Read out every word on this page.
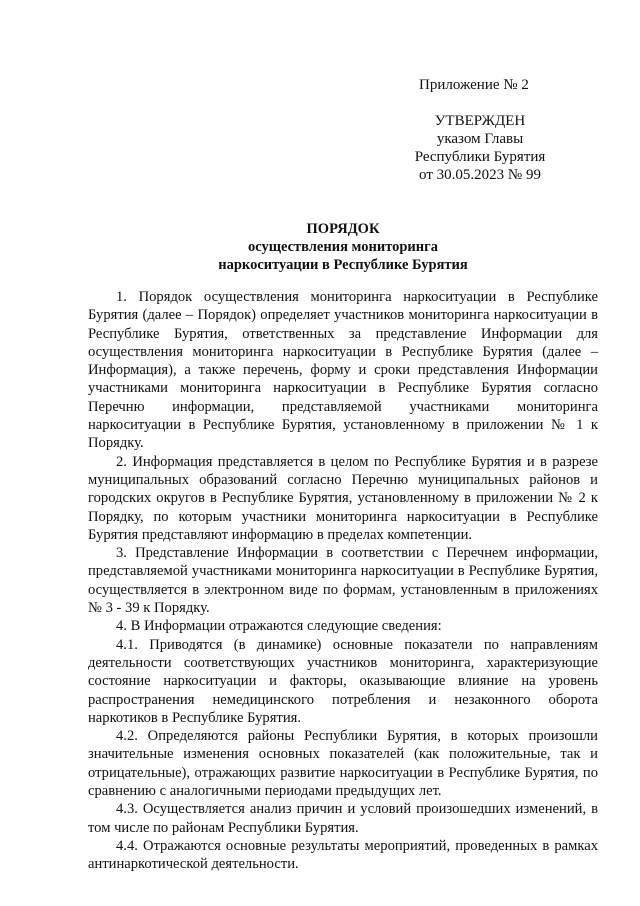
Приложение № 2
УТВЕРЖДЕН
указом Главы
Республики Бурятия
от 30.05.2023 № 99
ПОРЯДОК
осуществления мониторинга
наркоситуации в Республике Бурятия

1. Порядок осуществления мониторинга наркоситуации в Республике Бурятия (далее – Порядок) определяет участников мониторинга наркоситуации в Республике Бурятия, ответственных за представление Информации для осуществления мониторинга наркоситуации в Республике Бурятия (далее – Информация), а также перечень, форму и сроки представления Информации участниками мониторинга наркоситуации в Республике Бурятия согласно Перечню информации, представляемой участниками мониторинга наркоситуации в Республике Бурятия, установленному в приложении № 1 к Порядку.

2. Информация представляется в целом по Республике Бурятия и в разрезе муниципальных образований согласно Перечню муниципальных районов и городских округов в Республике Бурятия, установленному в приложении № 2 к Порядку, по которым участники мониторинга наркоситуации в Республике Бурятия представляют информацию в пределах компетенции.

3. Представление Информации в соответствии с Перечнем информации, представляемой участниками мониторинга наркоситуации в Республике Бурятия, осуществляется в электронном виде по формам, установленным в приложениях № 3 - 39 к Порядку.

4. В Информации отражаются следующие сведения:

4.1. Приводятся (в динамике) основные показатели по направлениям деятельности соответствующих участников мониторинга, характеризующие состояние наркоситуации и факторы, оказывающие влияние на уровень распространения немедицинского потребления и незаконного оборота наркотиков в Республике Бурятия.

4.2. Определяются районы Республики Бурятия, в которых произошли значительные изменения основных показателей (как положительные, так и отрицательные), отражающих развитие наркоситуации в Республике Бурятия, по сравнению с аналогичными периодами предыдущих лет.

4.3. Осуществляется анализ причин и условий произошедших изменений, в том числе по районам Республики Бурятия.

4.4. Отражаются основные результаты мероприятий, проведенных в рамках антинаркотической деятельности.
